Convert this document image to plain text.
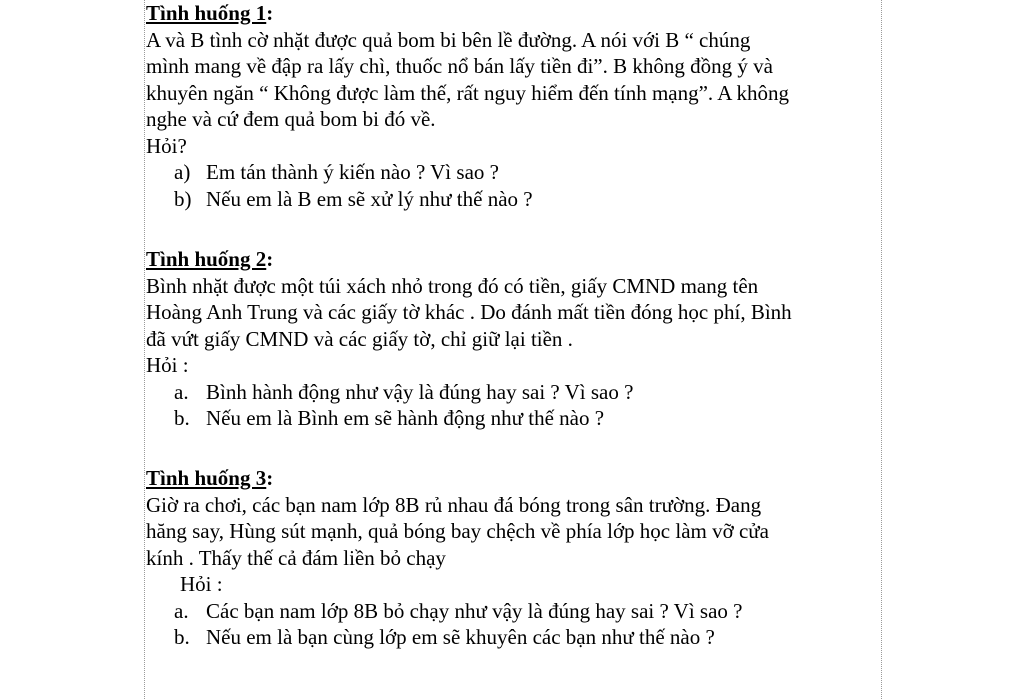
Tình huống 1:

A và B tình cờ nhặt được quả bom bi bên lề đường. A nói với B “ chúng

mình mang về đập ra lấy chì, thuốc nổ bán lấy tiền đi”. B không đồng ý và

khuyên ngăn “ Không được làm thế, rất nguy hiểm đến tính mạng”. A không

nghe và cứ đem quả bom bi đó về.

Hỏi?

a) Em tán thành ý kiến nào ? Vì sao ?
b) Nếu em là B em sẽ xử lý như thế nào ?

Tình huống 2:

Bình nhặt được một túi xách nhỏ trong đó có tiền, giấy CMND mang tên

Hoàng Anh Trung và các giấy tờ khác . Do đánh mất tiền đóng học phí, Bình

đã vứt giấy CMND và các giấy tờ, chỉ giữ lại tiền .

Hỏi :

a. Bình hành động như vậy là đúng hay sai ? Vì sao ?
b. Nếu em là Bình em sẽ hành động như thế nào ?

Tình huống 3:

Giờ ra chơi, các bạn nam lớp 8B rủ nhau đá bóng trong sân trường. Đang

hăng say, Hùng sút mạnh, quả bóng bay chệch về phía lớp học làm vỡ cửa

kính . Thấy thế cả đám liền bỏ chạy

Hỏi :

a. Các bạn nam lớp 8B bỏ chạy như vậy là đúng hay sai ? Vì sao ?
b. Nếu em là bạn cùng lớp em sẽ khuyên các bạn như thế nào ?
